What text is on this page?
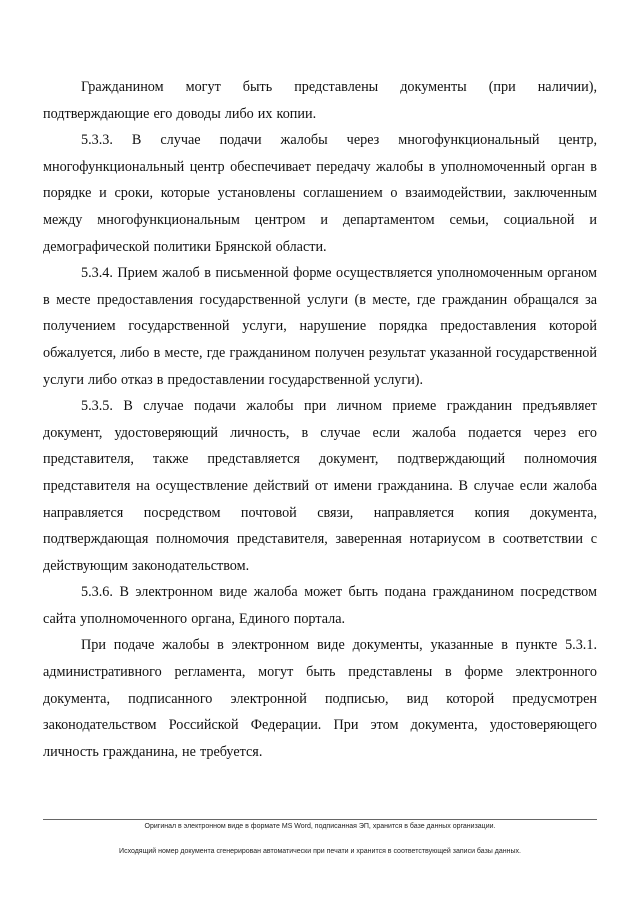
Гражданином могут быть представлены документы (при наличии), подтверждающие его доводы либо их копии.

5.3.3. В случае подачи жалобы через многофункциональный центр, многофункциональный центр обеспечивает передачу жалобы в уполномоченный орган в порядке и сроки, которые установлены соглашением о взаимодействии, заключенным между многофункциональным центром и департаментом семьи, социальной и демографической политики Брянской области.

5.3.4. Прием жалоб в письменной форме осуществляется уполномоченным органом в месте предоставления государственной услуги (в месте, где гражданин обращался за получением государственной услуги, нарушение порядка предоставления которой обжалуется, либо в месте, где гражданином получен результат указанной государственной услуги либо отказ в предоставлении государственной услуги).

5.3.5. В случае подачи жалобы при личном приеме гражданин предъявляет документ, удостоверяющий личность, в случае если жалоба подается через его представителя, также представляется документ, подтверждающий полномочия представителя на осуществление действий от имени гражданина. В случае если жалоба направляется посредством почтовой связи, направляется копия документа, подтверждающая полномочия представителя, заверенная нотариусом в соответствии с действующим законодательством.

5.3.6. В электронном виде жалоба может быть подана гражданином посредством сайта уполномоченного органа, Единого портала.

При подаче жалобы в электронном виде документы, указанные в пункте 5.3.1. административного регламента, могут быть представлены в форме электронного документа, подписанного электронной подписью, вид которой предусмотрен законодательством Российской Федерации. При этом документа, удостоверяющего личность гражданина, не требуется.

Оригинал в электронном виде в формате MS Word, подписанная ЭП, хранится в базе данных организации.

Исходящий номер документа сгенерирован автоматически при печати и хранится в соответствующей записи базы данных.
